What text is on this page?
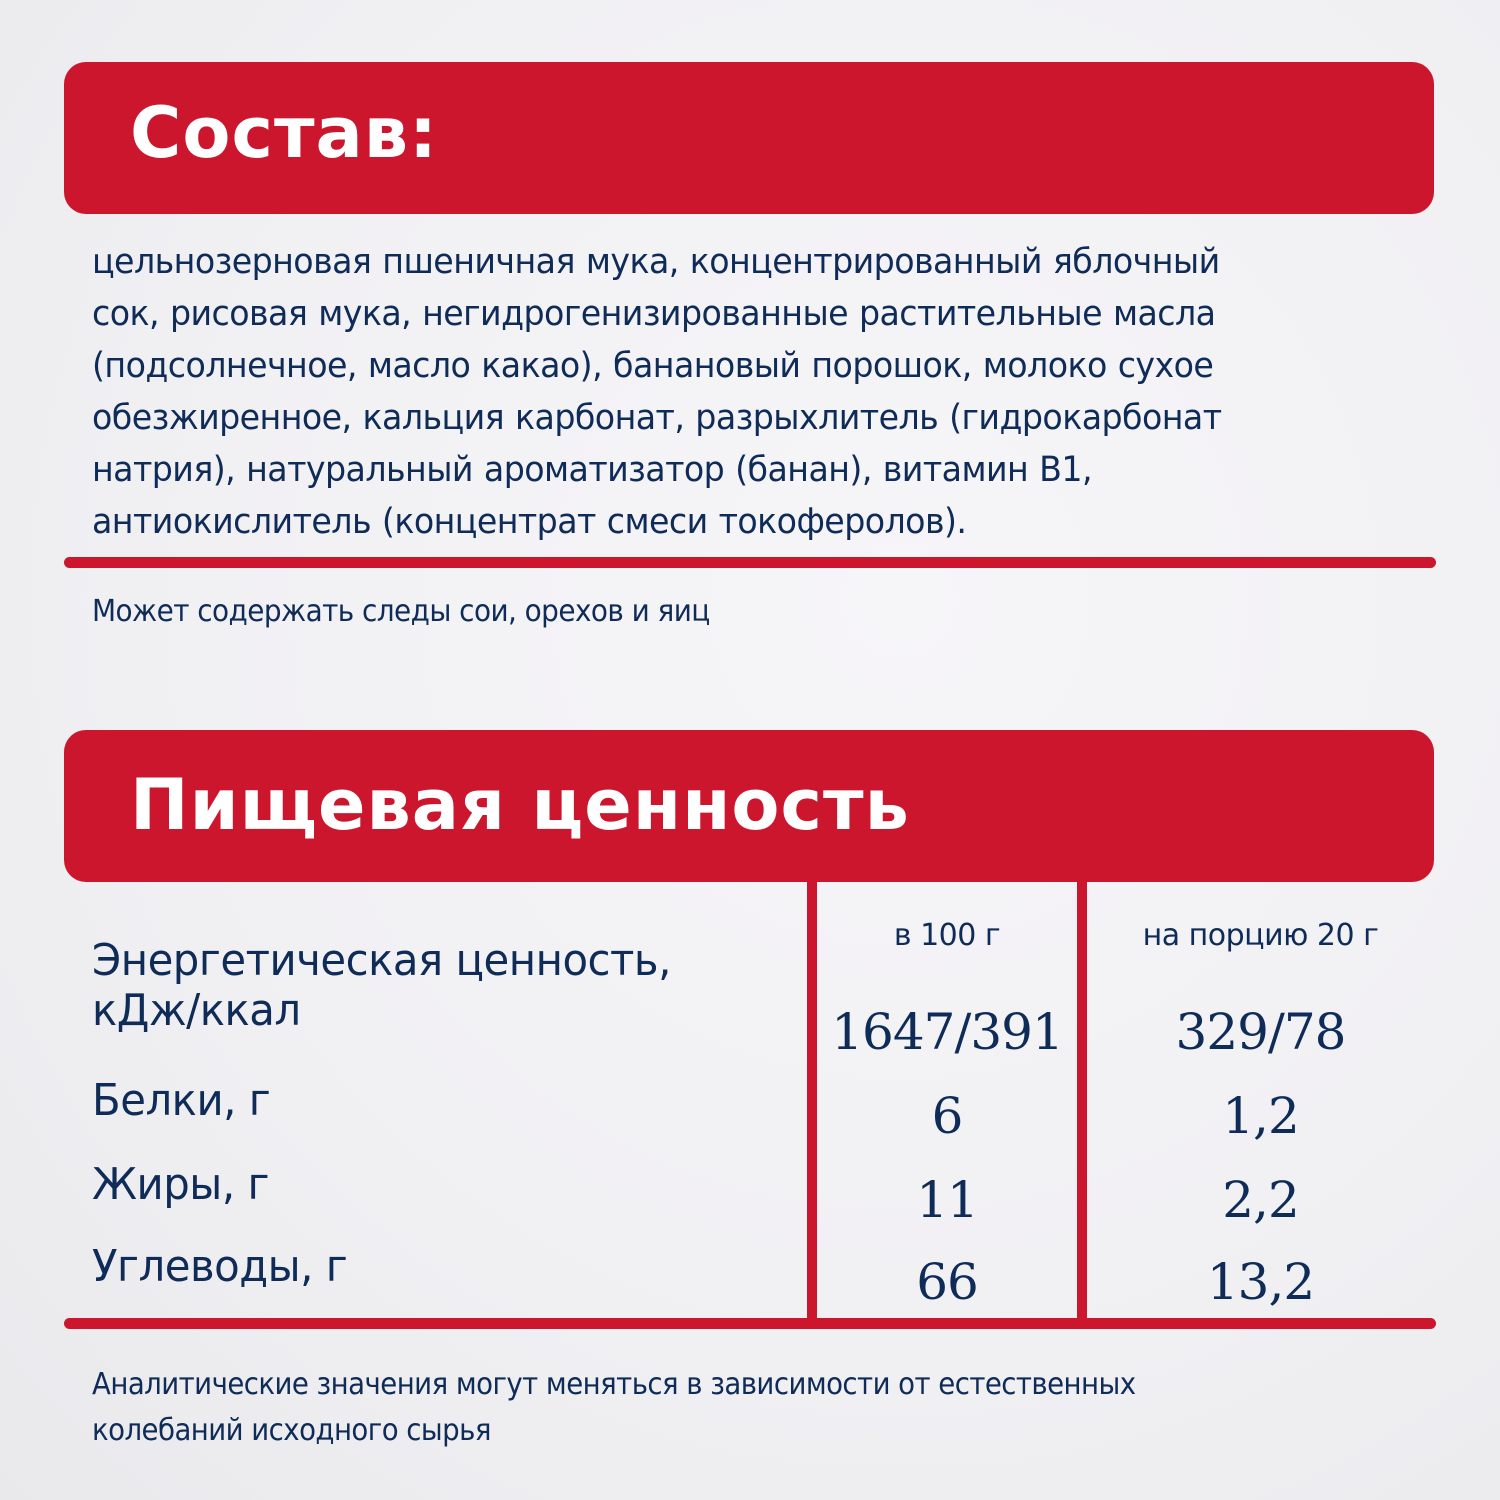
Состав:
цельнозерновая пшеничная мука, концентрированный яблочный
сок, рисовая мука, негидрогенизированные растительные масла
(подсолнечное, масло какао), банановый порошок, молоко сухое
обезжиренное, кальция карбонат, разрыхлитель (гидрокарбонат
натрия), натуральный ароматизатор (банан), витамин В1,
антиокислитель (концентрат смеси токоферолов).
Может содержать следы сои, орехов и яиц
Пищевая ценность
в 100 г	на порцию 20 г
Энергетическая ценность,
кДж/ккал
Белки, г
Жиры, г
Углеводы, г
1647/391
6
11
66
329/78
1,2
2,2
13,2
Аналитические значения могут меняться в зависимости от естественных
колебаний исходного сырья
